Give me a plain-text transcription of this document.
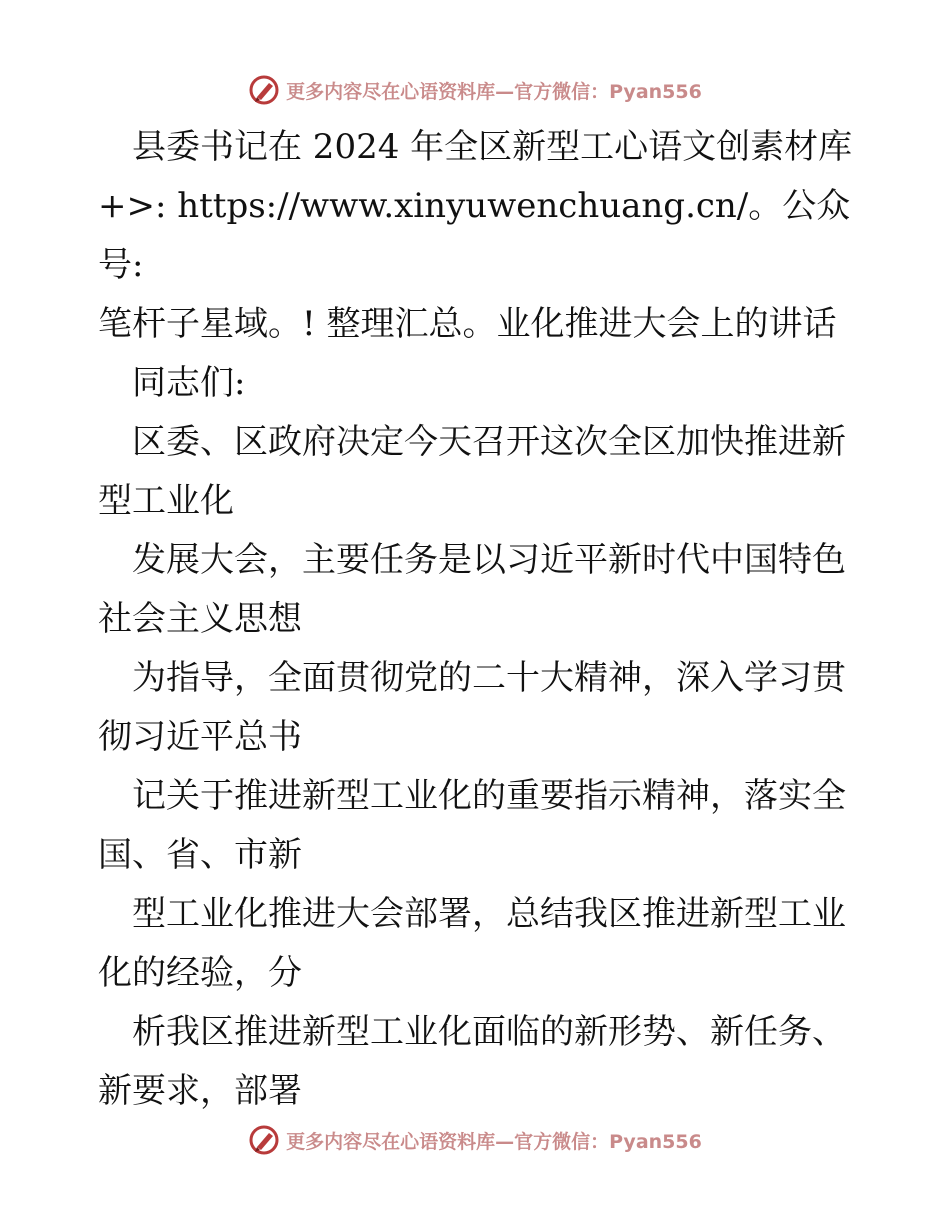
更多内容尽在心语资料库—官方微信：Pyan556

　县委书记在 2024 年全区新型工心语文创素材库

+>: https://www.xinyuwenchuang.cn/。公众号:

笔杆子星域。! 整理汇总。业化推进大会上的讲话

　同志们:

　区委、区政府决定今天召开这次全区加快推进新

型工业化

　发展大会，主要任务是以习近平新时代中国特色

社会主义思想

　为指导，全面贯彻党的二十大精神，深入学习贯

彻习近平总书

　记关于推进新型工业化的重要指示精神，落实全

国、省、市新

　型工业化推进大会部署，总结我区推进新型工业

化的经验，分

　析我区推进新型工业化面临的新形势、新任务、

新要求，部署

更多内容尽在心语资料库—官方微信：Pyan556
